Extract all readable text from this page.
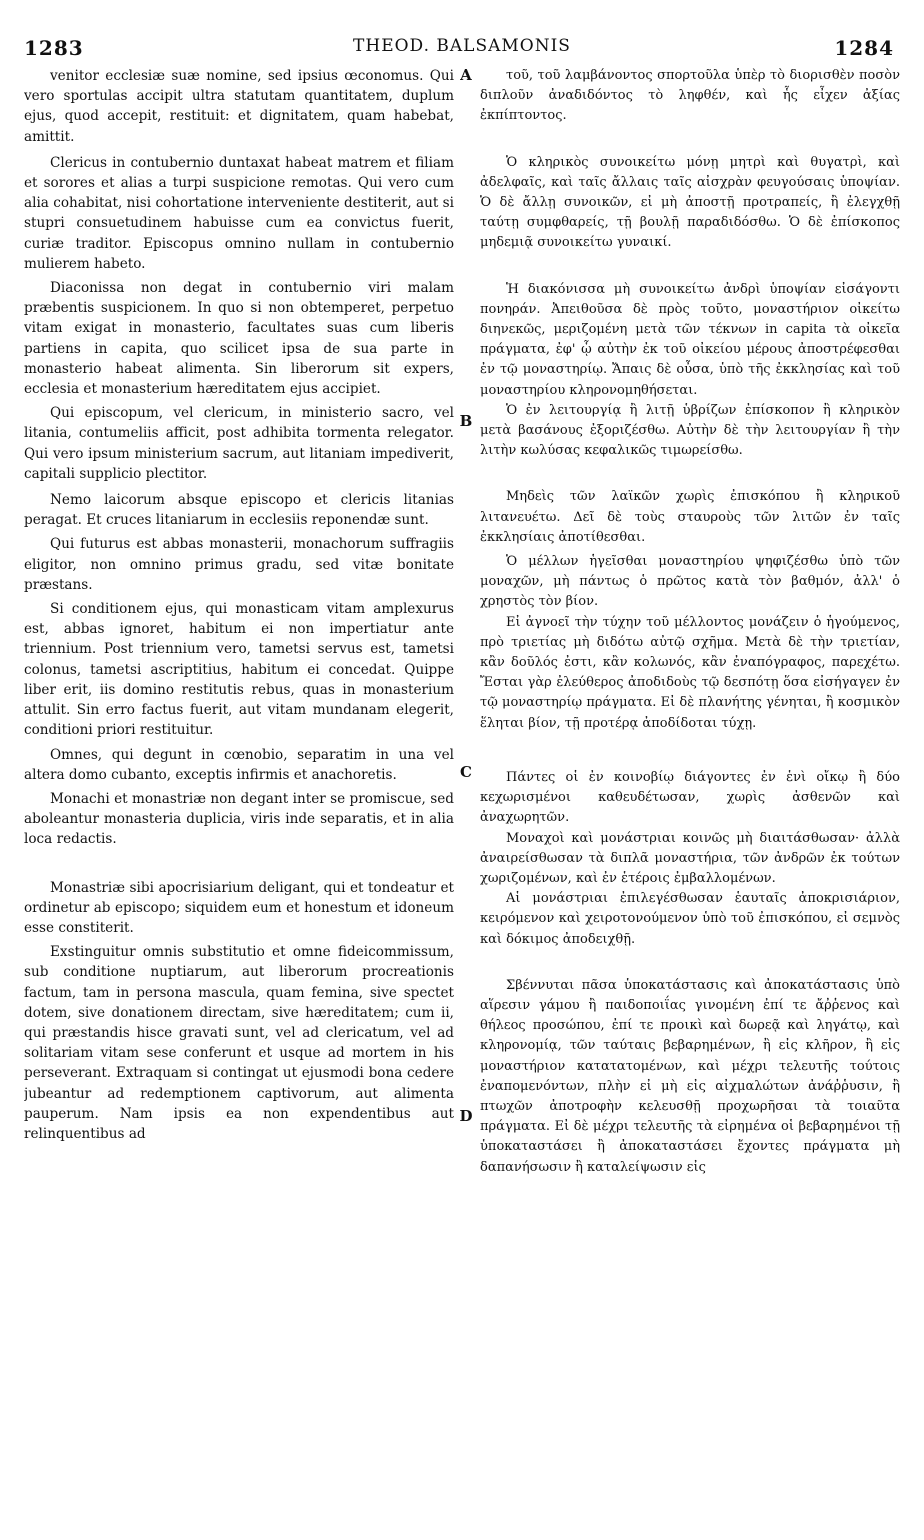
1283	THEOD. BALSAMONIS	1284

venitor ecclesiæ suæ nomine, sed ipsius œconomus. Qui vero sportulas accipit ultra statutam quantitatem, duplum ejus, quod accepit, restituit: et dignitatem, quam habebat, amittit.

Clericus in contubernio duntaxat habeat matrem et filiam et sorores et alias a turpi suspicione remotas. Qui vero cum alia cohabitat, nisi cohortatione interveniente destiterit, aut si stupri consuetudinem habuisse cum ea convictus fuerit, curiæ traditor. Episcopus omnino nullam in contubernio mulierem habeto.

Diaconissa non degat in contubernio viri malam præbentis suspicionem. In quo si non obtemperet, perpetuo vitam exigat in monasterio, facultates suas cum liberis partiens in capita, quo scilicet ipsa de sua parte in monasterio habeat alimenta. Sin liberorum sit expers, ecclesia et monasterium hæreditatem ejus accipiet.

Qui episcopum, vel clericum, in ministerio sacro, vel litania, contumeliis afficit, post adhibita tormenta relegator. Qui vero ipsum ministerium sacrum, aut litaniam impediverit, capitali supplicio plectitor.

Nemo laicorum absque episcopo et clericis litanias peragat. Et cruces litaniarum in ecclesiis reponendæ sunt.

Qui futurus est abbas monasterii, monachorum suffragiis eligitor, non omnino primus gradu, sed vitæ bonitate præstans.

Si conditionem ejus, qui monasticam vitam amplexurus est, abbas ignoret, habitum ei non impertiatur ante triennium. Post triennium vero, tametsi servus est, tametsi colonus, tametsi ascriptitius, habitum ei concedat. Quippe liber erit, iis domino restitutis rebus, quas in monasterium attulit. Sin erro factus fuerit, aut vitam mundanam elegerit, conditioni priori restituitur.

Omnes, qui degunt in cœnobio, separatim in una vel altera domo cubanto, exceptis infirmis et anachoretis.

Monachi et monastriæ non degant inter se promiscue, sed aboleantur monasteria duplicia, viris inde separatis, et in alia loca redactis.

Monastriæ sibi apocrisiarium deligant, qui et tondeatur et ordinetur ab episcopo; siquidem eum et honestum et idoneum esse constiterit.

Exstinguitur omnis substitutio et omne fideicommissum, sub conditione nuptiarum, aut liberorum procreationis factum, tam in persona mascula, quam femina, sive spectet dotem, sive donationem directam, sive hæreditatem; cum ii, qui præstandis hisce gravati sunt, vel ad clericatum, vel ad solitariam vitam sese conferunt et usque ad mortem in his perseverant. Extraquam si contingat ut ejusmodi bona cedere jubeantur ad redemptionem captivorum, aut alimenta pauperum. Nam ipsis ea non expendentibus aut relinquentibus ad

τοῦ, τοῦ λαμβάνοντος σπορτοῦλα ὑπὲρ τὸ διορισθὲν ποσὸν διπλοῦν ἀναδιδόντος τὸ ληφθέν, καὶ ἧς εἶχεν ἀξίας ἐκπίπτοντος.

Ὁ κληρικὸς συνοικείτω μόνῃ μητρὶ καὶ θυγατρὶ, καὶ ἀδελφαῖς, καὶ ταῖς ἄλλαις ταῖς αἰσχρὰν φευγούσαις ὑποψίαν. Ὁ δὲ ἄλλῃ συνοικῶν, εἰ μὴ ἀποστῇ προτραπείς, ἢ ἐλεγχθῇ ταύτῃ συμφθαρείς, τῇ βουλῇ παραδιδόσθω. Ὁ δὲ ἐπίσκοπος μηδεμιᾷ συνοικείτω γυναικί.

Ἡ διακόνισσα μὴ συνοικείτω ἀνδρὶ ὑποψίαν εἰσάγοντι πονηράν. Ἀπειθοῦσα δὲ πρὸς τοῦτο, μοναστήριον οἰκείτω διηνεκῶς, μεριζομένη μετὰ τῶν τέκνων in capita τὰ οἰκεῖα πράγματα, ἐφ' ᾧ αὐτὴν ἐκ τοῦ οἰκείου μέρους ἀποστρέφεσθαι ἐν τῷ μοναστηρίῳ. Ἄπαις δὲ οὖσα, ὑπὸ τῆς ἐκκλησίας καὶ τοῦ μοναστηρίου κληρονομηθήσεται.

Ὁ ἐν λειτουργίᾳ ἢ λιτῇ ὑβρίζων ἐπίσκοπον ἢ κληρικὸν μετὰ βασάνους ἐξοριζέσθω. Αὐτὴν δὲ τὴν λειτουργίαν ἢ τὴν λιτὴν κωλύσας κεφαλικῶς τιμωρείσθω.

Μηδεὶς τῶν λαϊκῶν χωρὶς ἐπισκόπου ἢ κληρικοῦ λιτανευέτω. Δεῖ δὲ τοὺς σταυροὺς τῶν λιτῶν ἐν ταῖς ἐκκλησίαις ἀποτίθεσθαι.

Ὁ μέλλων ἡγεῖσθαι μοναστηρίου ψηφιζέσθω ὑπὸ τῶν μοναχῶν, μὴ πάντως ὁ πρῶτος κατὰ τὸν βαθμόν, ἀλλ' ὁ χρηστὸς τὸν βίον.

Εἰ ἀγνοεῖ τὴν τύχην τοῦ μέλλοντος μονάζειν ὁ ἡγούμενος, πρὸ τριετίας μὴ διδότω αὐτῷ σχῆμα. Μετὰ δὲ τὴν τριετίαν, κἂν δοῦλός ἐστι, κἂν κολωνός, κἂν ἐναπόγραφος, παρεχέτω. Ἔσται γὰρ ἐλεύθερος ἀποδιδοὺς τῷ δεσπότῃ ὅσα εἰσήγαγεν ἐν τῷ μοναστηρίῳ πράγματα. Εἰ δὲ πλανήτης γένηται, ἢ κοσμικὸν ἕληται βίον, τῇ προτέρᾳ ἀποδίδοται τύχῃ.

Πάντες οἱ ἐν κοινοβίῳ διάγοντες ἐν ἑνὶ οἴκῳ ἢ δύο κεχωρισμένοι καθευδέτωσαν, χωρὶς ἀσθενῶν καὶ ἀναχωρητῶν.

Μοναχοὶ καὶ μονάστριαι κοινῶς μὴ διαιτάσθωσαν· ἀλλὰ ἀναιρείσθωσαν τὰ διπλᾶ μοναστήρια, τῶν ἀνδρῶν ἐκ τούτων χωριζομένων, καὶ ἐν ἑτέροις ἐμβαλλομένων.

Αἱ μονάστριαι ἐπιλεγέσθωσαν ἑαυταῖς ἀποκρισιάριον, κειρόμενον καὶ χειροτονούμενον ὑπὸ τοῦ ἐπισκόπου, εἰ σεμνὸς καὶ δόκιμος ἀποδειχθῇ.

Σβέννυται πᾶσα ὑποκατάστασις καὶ ἀποκατάστασις ὑπὸ αἵρεσιν γάμου ἢ παιδοποιΐας γινομένη ἐπί τε ἄῤῥενος καὶ θήλεος προσώπου, ἐπί τε προικὶ καὶ δωρεᾷ καὶ ληγάτῳ, καὶ κληρονομίᾳ, τῶν ταύταις βεβαρημένων, ἢ εἰς κλῆρον, ἢ εἰς μοναστήριον κατατατομένων, καὶ μέχρι τελευτῆς τούτοις ἐναπομενόντων, πλὴν εἰ μὴ εἰς αἰχμαλώτων ἀνάῤῥυσιν, ἢ πτωχῶν ἀποτροφὴν κελευσθῇ προχωρῆσαι τὰ τοιαῦτα πράγματα. Εἰ δὲ μέχρι τελευτῆς τὰ εἰρημένα οἱ βεβαρημένοι τῇ ὑποκαταστάσει ἢ ἀποκαταστάσει ἔχοντες πράγματα μὴ δαπανήσωσιν ἢ καταλείψωσιν εἰς

A
B
C
D
